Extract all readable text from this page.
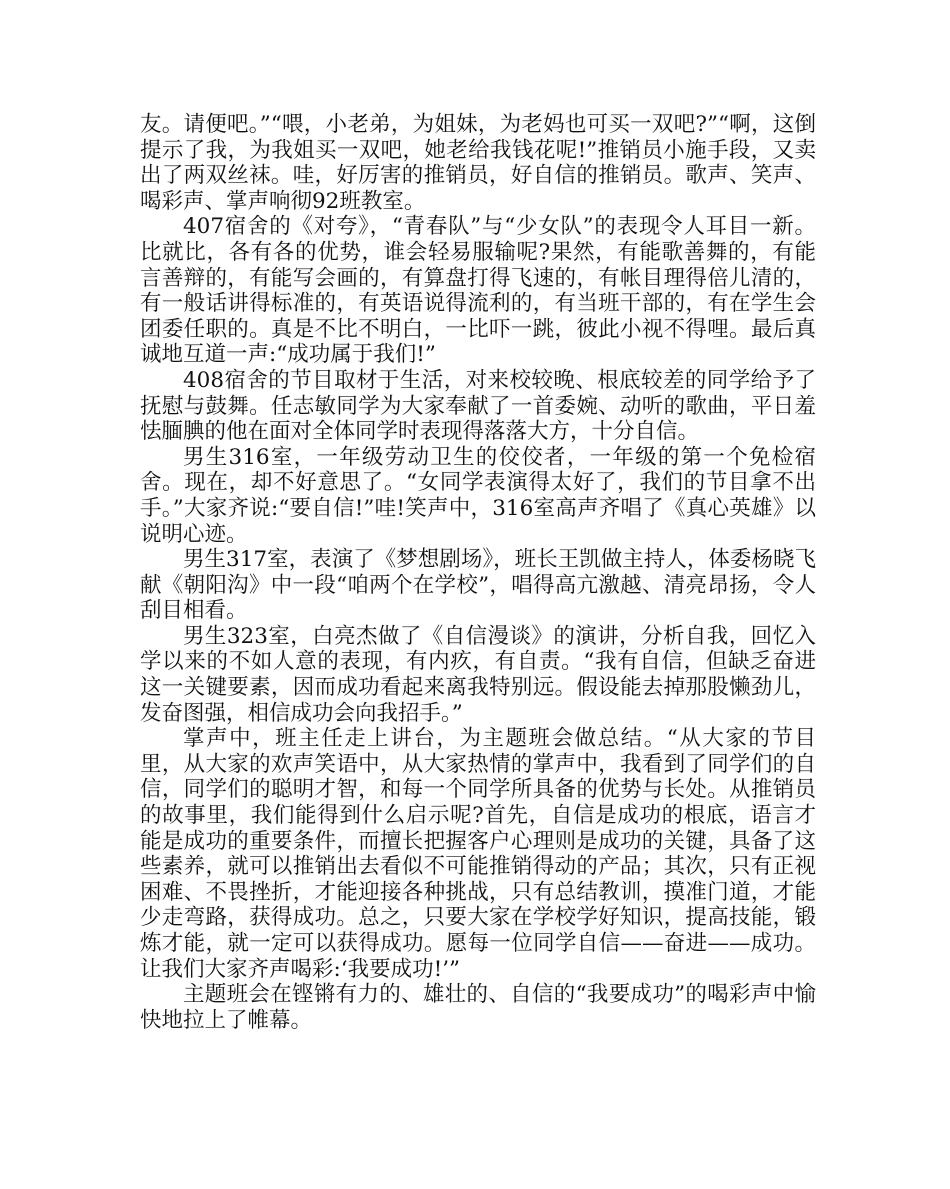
友。请便吧。”“喂，小老弟，为姐妹，为老妈也可买一双吧?”“啊，这倒提示了我，为我姐买一双吧，她老给我钱花呢!”推销员小施手段，又卖出了两双丝袜。哇，好厉害的推销员，好自信的推销员。歌声、笑声、喝彩声、掌声响彻92班教室。

407宿舍的《对夸》，“青春队”与“少女队”的表现令人耳目一新。比就比，各有各的优势，谁会轻易服输呢?果然，有能歌善舞的，有能言善辩的，有能写会画的，有算盘打得飞速的，有帐目理得倍儿清的，有一般话讲得标准的，有英语说得流利的，有当班干部的，有在学生会团委任职的。真是不比不明白，一比吓一跳，彼此小视不得哩。最后真诚地互道一声:“成功属于我们!”

408宿舍的节目取材于生活，对来校较晚、根底较差的同学给予了抚慰与鼓舞。任志敏同学为大家奉献了一首委婉、动听的歌曲，平日羞怯腼腆的他在面对全体同学时表现得落落大方，十分自信。

男生316室，一年级劳动卫生的佼佼者，一年级的第一个免检宿舍。现在，却不好意思了。“女同学表演得太好了，我们的节目拿不出手。”大家齐说:“要自信!”哇!笑声中，316室高声齐唱了《真心英雄》以说明心迹。

男生317室，表演了《梦想剧场》，班长王凯做主持人，体委杨晓飞献《朝阳沟》中一段“咱两个在学校”，唱得高亢激越、清亮昂扬，令人刮目相看。

男生323室，白亮杰做了《自信漫谈》的演讲，分析自我，回忆入学以来的不如人意的表现，有内疚，有自责。“我有自信，但缺乏奋进这一关键要素，因而成功看起来离我特别远。假设能去掉那股懒劲儿，发奋图强，相信成功会向我招手。”

掌声中，班主任走上讲台，为主题班会做总结。“从大家的节目里，从大家的欢声笑语中，从大家热情的掌声中，我看到了同学们的自信，同学们的聪明才智，和每一个同学所具备的优势与长处。从推销员的故事里，我们能得到什么启示呢?首先，自信是成功的根底，语言才能是成功的重要条件，而擅长把握客户心理则是成功的关键，具备了这些素养，就可以推销出去看似不可能推销得动的产品；其次，只有正视困难、不畏挫折，才能迎接各种挑战，只有总结教训，摸准门道，才能少走弯路，获得成功。总之，只要大家在学校学好知识，提高技能，锻炼才能，就一定可以获得成功。愿每一位同学自信——奋进——成功。让我们大家齐声喝彩:‘我要成功!’”

主题班会在铿锵有力的、雄壮的、自信的“我要成功”的喝彩声中愉快地拉上了帷幕。
